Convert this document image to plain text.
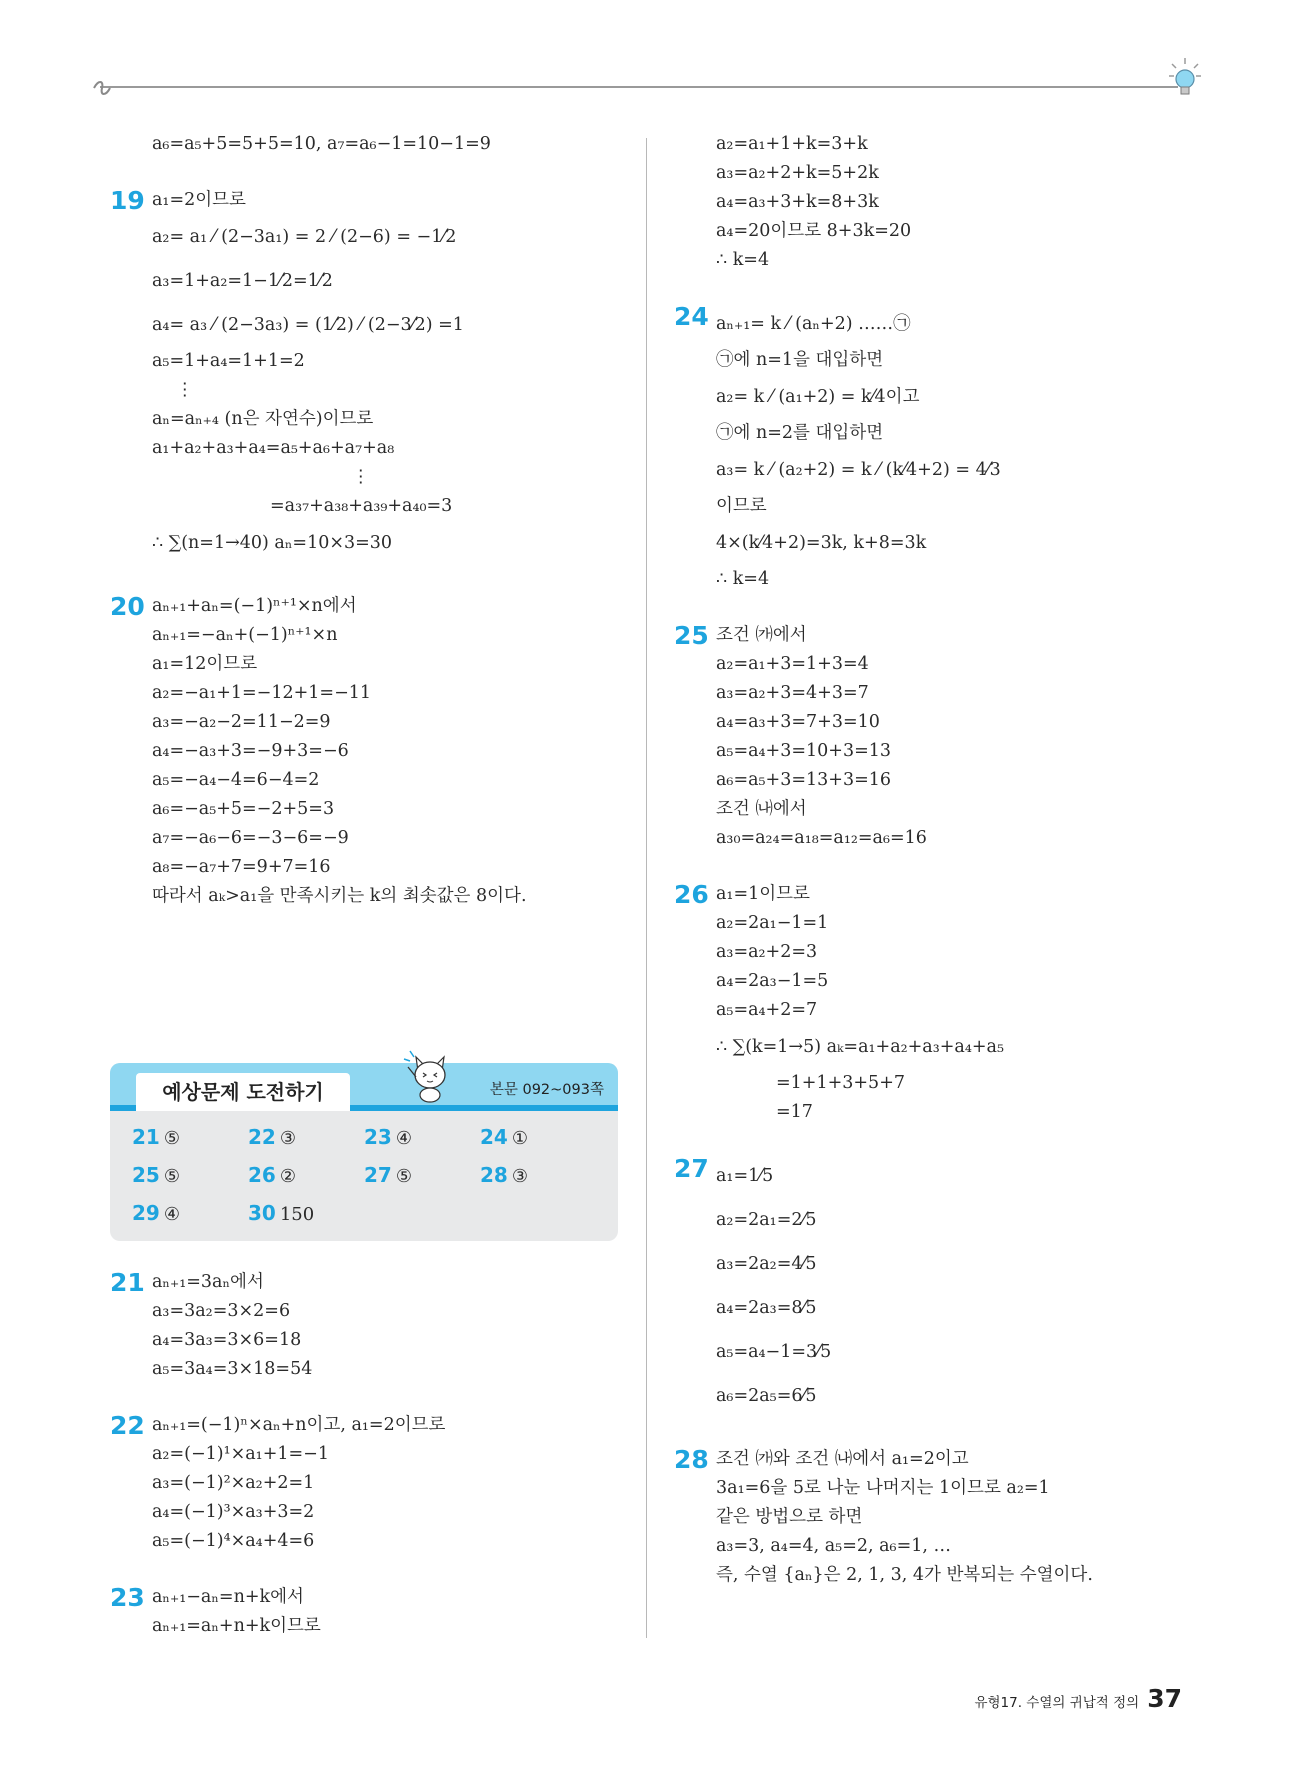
a₆=a₅+5=5+5=10, a₇=a₆−1=10−1=9
19 a₁=2이므로
a₂= a₁ ⁄ (2−3a₁) = 2 ⁄ (2−6) = −1⁄2
a₃=1+a₂=1−1⁄2=1⁄2
a₄= a₃ ⁄ (2−3a₃) = (1⁄2) ⁄ (2−3⁄2) =1
a₅=1+a₄=1+1=2
⋮
aₙ=aₙ₊₄ (n은 자연수)이므로
a₁+a₂+a₃+a₄=a₅+a₆+a₇+a₈
⋮
=a₃₇+a₃₈+a₃₉+a₄₀=3
∴ ∑(n=1→40) aₙ=10×3=30
20 aₙ₊₁+aₙ=(−1)ⁿ⁺¹×n에서
aₙ₊₁=−aₙ+(−1)ⁿ⁺¹×n
a₁=12이므로
a₂=−a₁+1=−12+1=−11
a₃=−a₂−2=11−2=9
a₄=−a₃+3=−9+3=−6
a₅=−a₄−4=6−4=2
a₆=−a₅+5=−2+5=3
a₇=−a₆−6=−3−6=−9
a₈=−a₇+7=9+7=16
따라서 aₖ>a₁을 만족시키는 k의 최솟값은 8이다.
예상문제 도전하기	본문 092~093쪽
21 ⑤	22 ③	23 ④	24 ①
25 ⑤	26 ②	27 ⑤	28 ③
29 ④	30 150
21 aₙ₊₁=3aₙ에서
a₃=3a₂=3×2=6
a₄=3a₃=3×6=18
a₅=3a₄=3×18=54
22 aₙ₊₁=(−1)ⁿ×aₙ+n이고, a₁=2이므로
a₂=(−1)¹×a₁+1=−1
a₃=(−1)²×a₂+2=1
a₄=(−1)³×a₃+3=2
a₅=(−1)⁴×a₄+4=6
23 aₙ₊₁−aₙ=n+k에서
aₙ₊₁=aₙ+n+k이므로
a₂=a₁+1+k=3+k
a₃=a₂+2+k=5+2k
a₄=a₃+3+k=8+3k
a₄=20이므로 8+3k=20
∴ k=4
24 aₙ₊₁= k ⁄ (aₙ+2) ……㉠
㉠에 n=1을 대입하면
a₂= k ⁄ (a₁+2) = k⁄4이고
㉠에 n=2를 대입하면
a₃= k ⁄ (a₂+2) = k ⁄ (k⁄4+2) = 4⁄3
이므로
4×(k⁄4+2)=3k, k+8=3k
∴ k=4
25 조건 ㈎에서
a₂=a₁+3=1+3=4
a₃=a₂+3=4+3=7
a₄=a₃+3=7+3=10
a₅=a₄+3=10+3=13
a₆=a₅+3=13+3=16
조건 ㈏에서
a₃₀=a₂₄=a₁₈=a₁₂=a₆=16
26 a₁=1이므로
a₂=2a₁−1=1
a₃=a₂+2=3
a₄=2a₃−1=5
a₅=a₄+2=7
∴ ∑(k=1→5) aₖ=a₁+a₂+a₃+a₄+a₅
=1+1+3+5+7
=17
27 a₁=1⁄5
a₂=2a₁=2⁄5
a₃=2a₂=4⁄5
a₄=2a₃=8⁄5
a₅=a₄−1=3⁄5
a₆=2a₅=6⁄5
28 조건 ㈎와 조건 ㈏에서 a₁=2이고
3a₁=6을 5로 나눈 나머지는 1이므로 a₂=1
같은 방법으로 하면
a₃=3, a₄=4, a₅=2, a₆=1, …
즉, 수열 {aₙ}은 2, 1, 3, 4가 반복되는 수열이다.
유형17. 수열의 귀납적 정의 37
